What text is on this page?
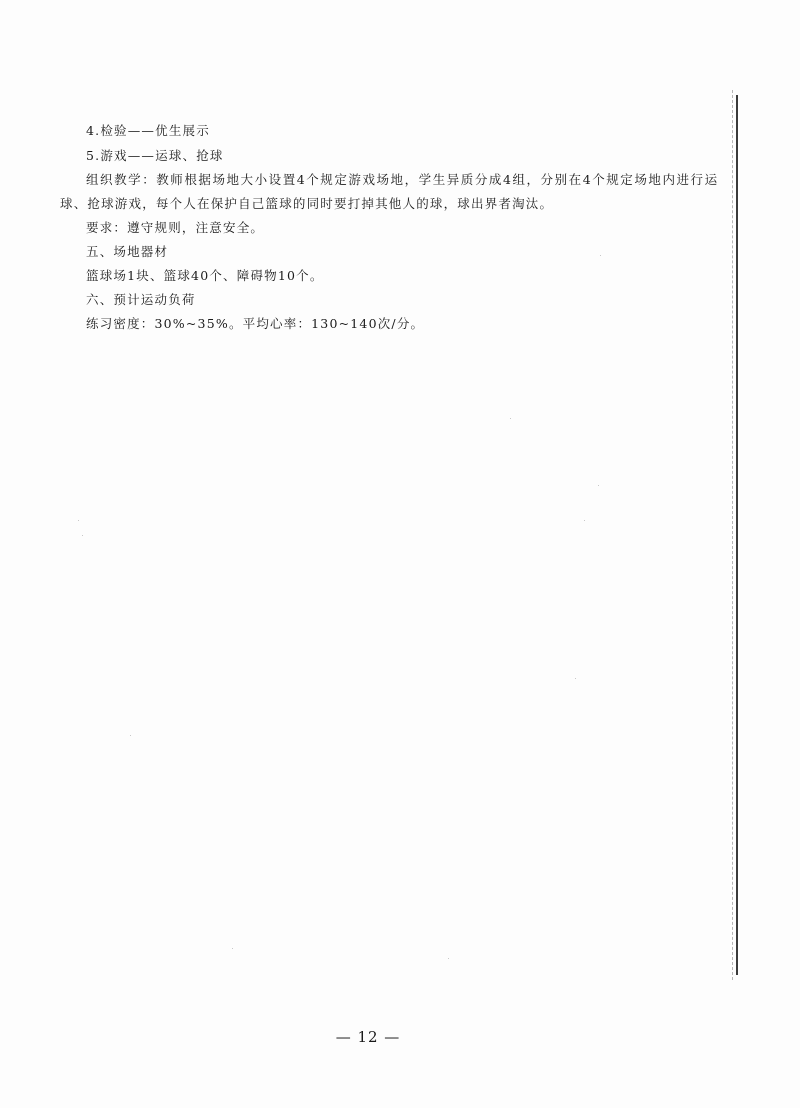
4.检验——优生展示
5.游戏——运球、抢球
组织教学：教师根据场地大小设置4个规定游戏场地，学生异质分成4组，分别在4个规定场地内进行运
球、抢球游戏，每个人在保护自己篮球的同时要打掉其他人的球，球出界者淘汰。
要求：遵守规则，注意安全。
五、场地器材
篮球场1块、篮球40个、障碍物10个。
六、预计运动负荷
练习密度：30%~35%。平均心率：130~140次/分。
— 12 —
